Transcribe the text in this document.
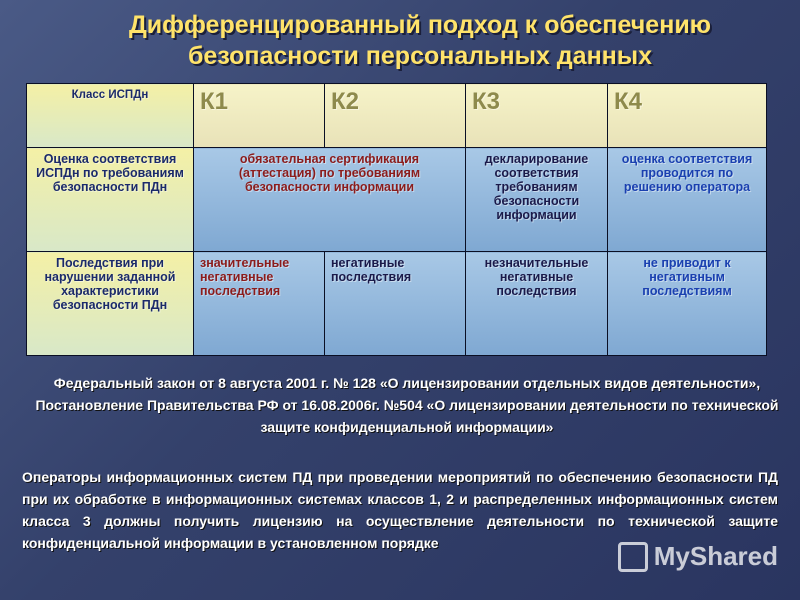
Дифференцированный подход к обеспечению безопасности персональных данных
Класс ИСПДн	К1	К2	К3	К4
Оценка соответствия ИСПДн по требованиям безопасности ПДн	обязательная сертификация (аттестация) по требованиям безопасности информации		декларирование соответствия требованиям безопасности информации	оценка соответствия проводится по решению оператора
Последствия при нарушении заданной характеристики безопасности ПДн	значительные негативные последствия	негативные последствия	незначительные негативные последствия	не приводит к негативным последствиям
Федеральный закон от 8 августа 2001 г. № 128 «О лицензировании отдельных видов деятельности», Постановление Правительства РФ от 16.08.2006г. №504 «О лицензировании деятельности по технической защите конфиденциальной информации»
Операторы информационных систем ПД при проведении мероприятий по обеспечению безопасности ПД при их обработке в информационных системах классов 1, 2 и распределенных информационных систем класса 3 должны получить лицензию на осуществление деятельности по технической защите конфиденциальной информации в установленном порядке	MyShared
